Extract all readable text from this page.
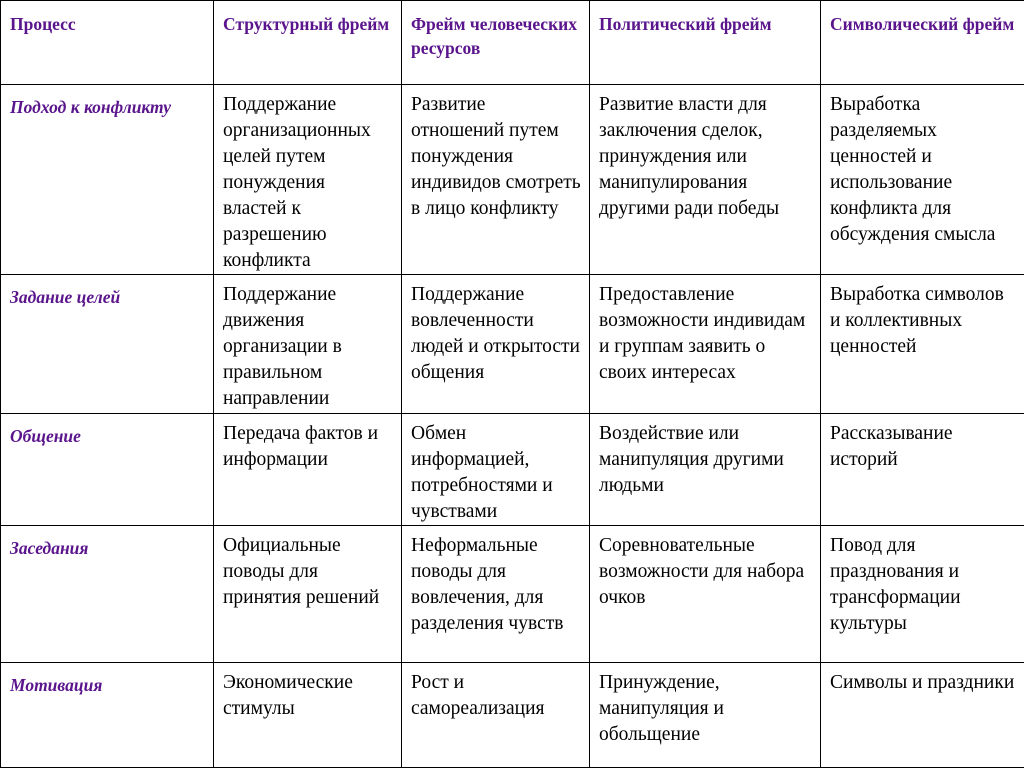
Процесс	Структурный фрейм	Фрейм человеческих ресурсов	Политический фрейм	Символический фрейм
Подход к конфликту	Поддержание организационных целей путем понуждения властей к разрешению конфликта	Развитие отношений путем понуждения индивидов смотреть в лицо конфликту	Развитие власти для заключения сделок, принуждения или манипулирования другими ради победы	Выработка разделяемых ценностей и использование конфликта для обсуждения смысла
Задание целей	Поддержание движения организации в правильном направлении	Поддержание вовлеченности людей и открытости общения	Предоставление возможности индивидам и группам заявить о своих интересах	Выработка символов и коллективных ценностей
Общение	Передача фактов и информации	Обмен информацией, потребностями и чувствами	Воздействие или манипуляция другими людьми	Рассказывание историй
Заседания	Официальные поводы для принятия решений	Неформальные поводы для вовлечения, для разделения чувств	Соревновательные возможности для набора очков	Повод для празднования и трансформации культуры
Мотивация	Экономические стимулы	Рост и самореализация	Принуждение, манипуляция и обольщение	Символы и праздники
